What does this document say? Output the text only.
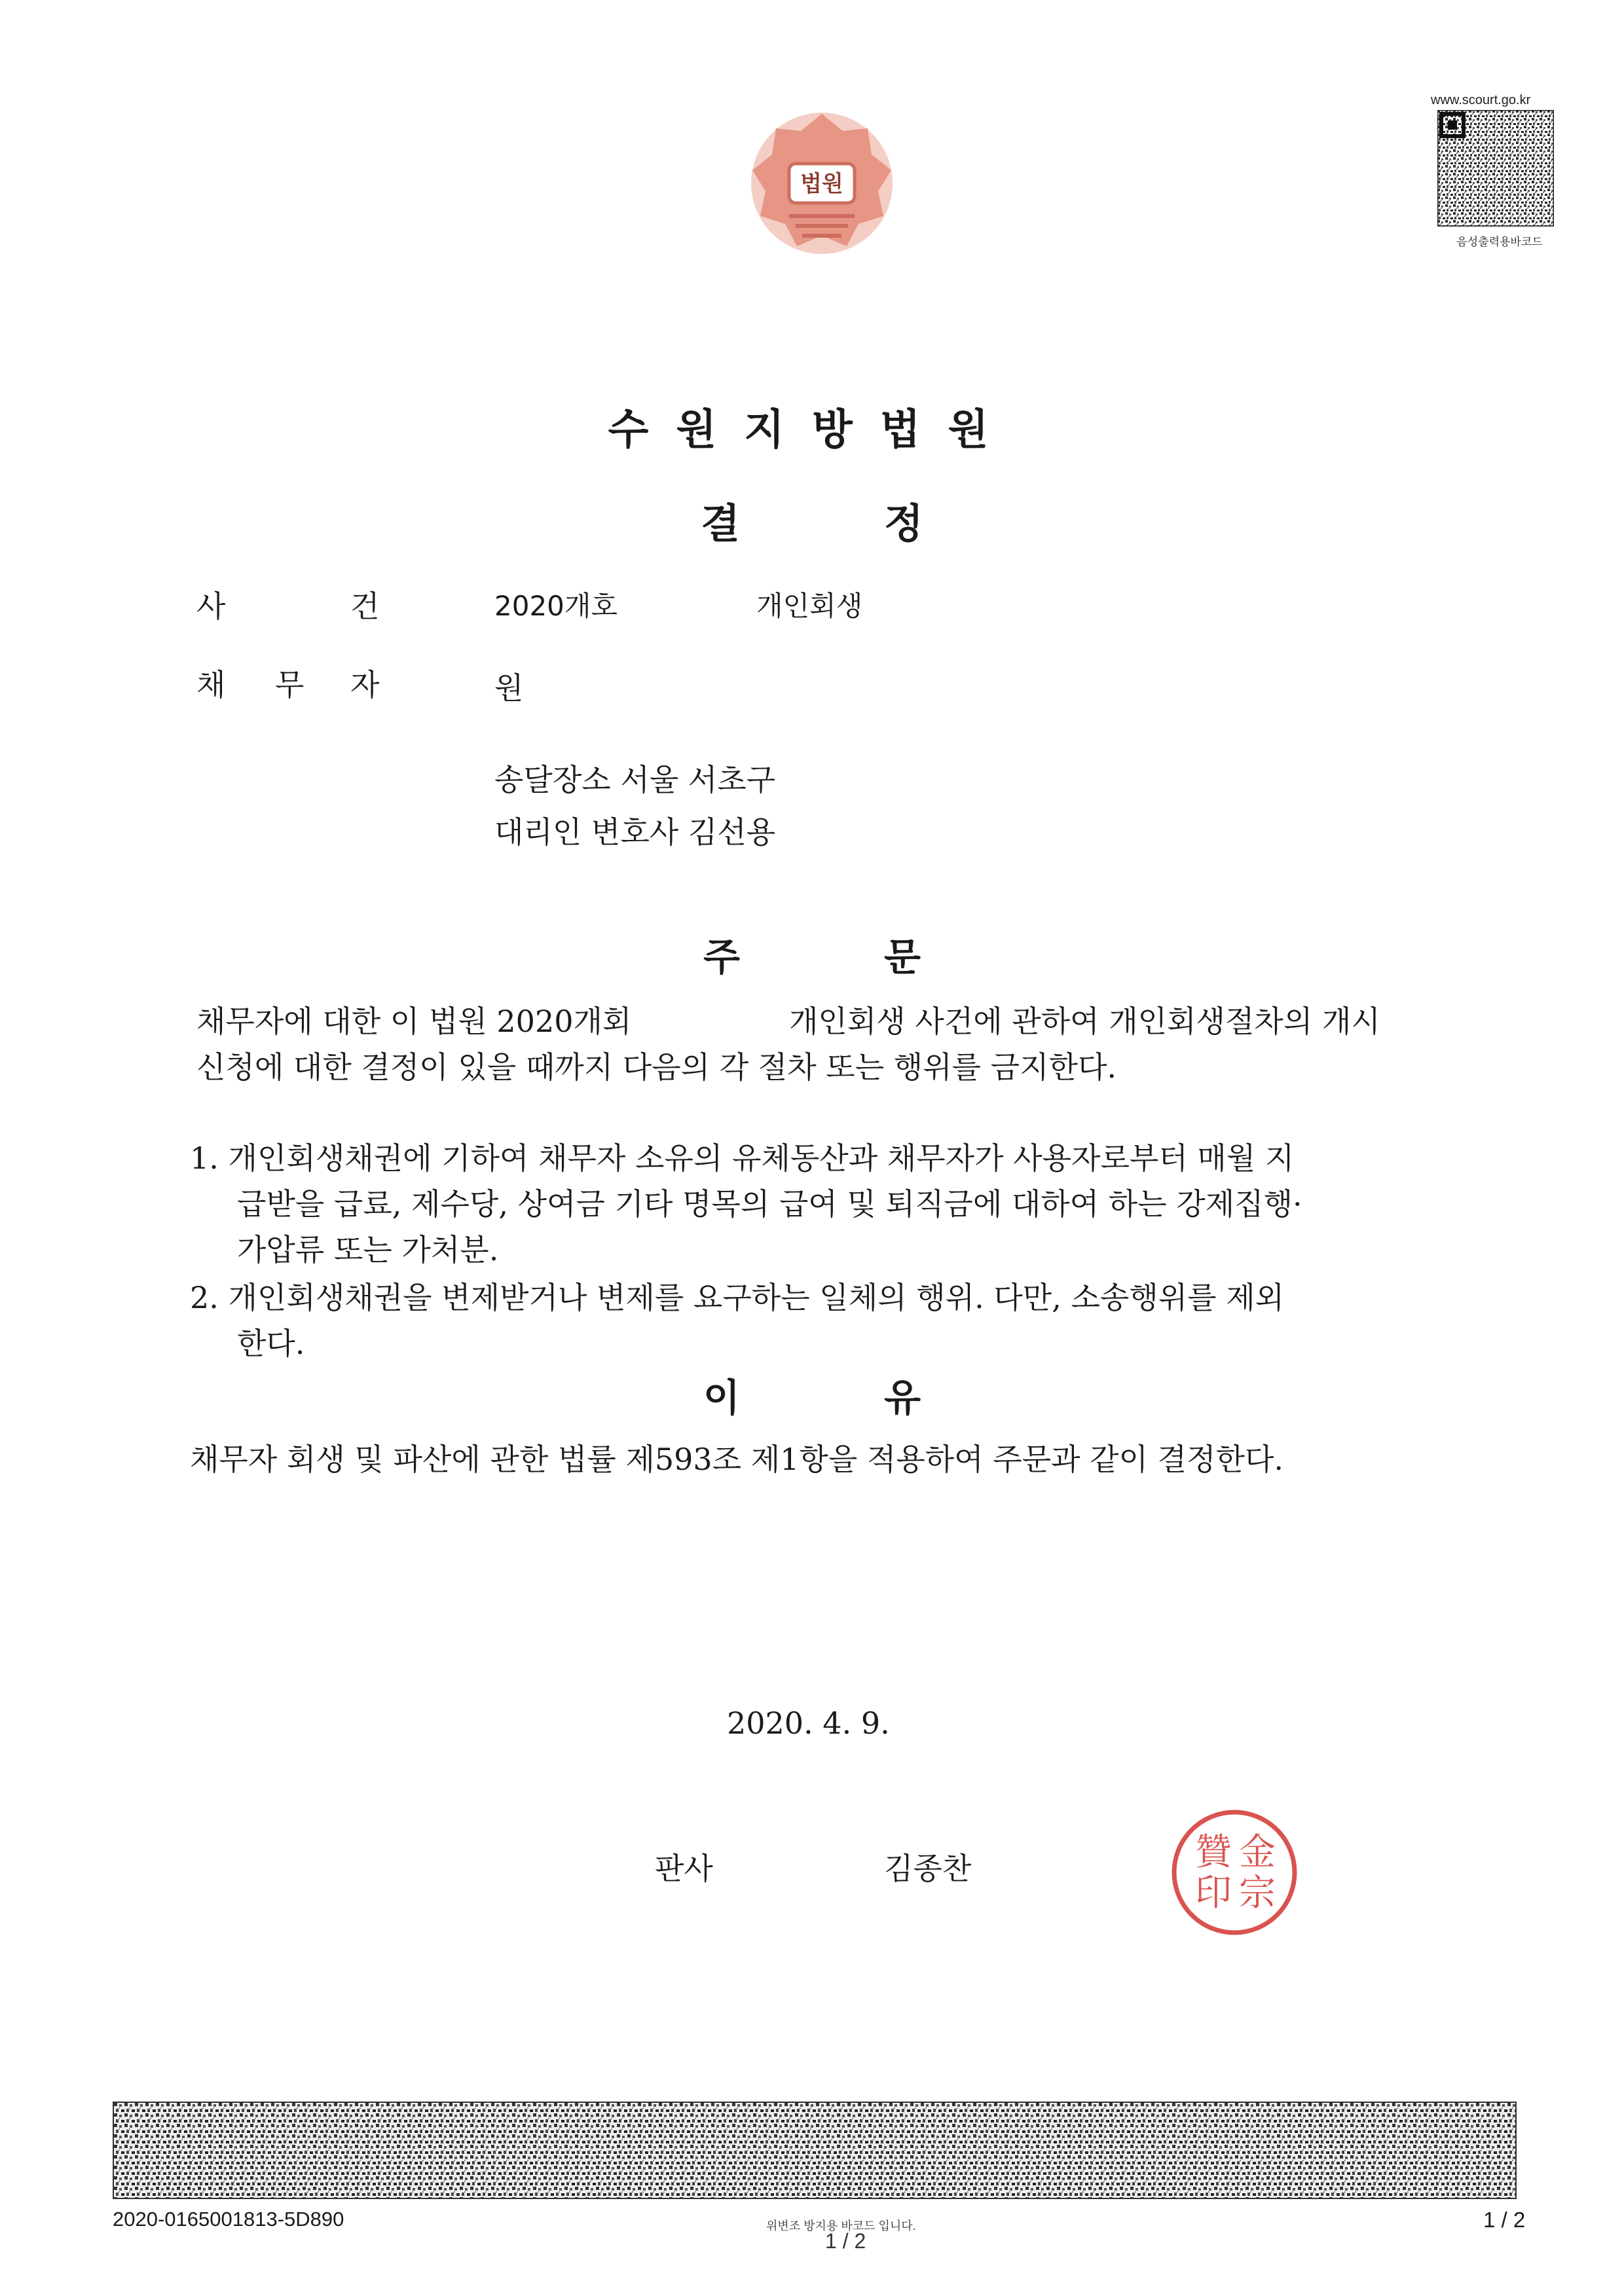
법원
www.scourt.go.kr
음성출력용바코드
수원지방법원
결	정
사	건	2020개호	개인회생
채 무 자	원
송달장소 서울 서초구
대리인 변호사 김선용
주	문
채무자에 대한 이 법원 2020개회	개인회생 사건에 관하여 개인회생절차의 개시
신청에 대한 결정이 있을 때까지 다음의 각 절차 또는 행위를 금지한다.
1. 개인회생채권에 기하여 채무자 소유의 유체동산과 채무자가 사용자로부터 매월 지
급받을 급료, 제수당, 상여금 기타 명목의 급여 및 퇴직금에 대하여 하는 강제집행·
가압류 또는 가처분.
2. 개인회생채권을 변제받거나 변제를 요구하는 일체의 행위. 다만, 소송행위를 제외
한다.
이	유
채무자 회생 및 파산에 관한 법률 제593조 제1항을 적용하여 주문과 같이 결정한다.
2020. 4. 9.
판사	김종찬	金
宗
贊
印
2020-0165001813-5D890	위변조 방지용 바코드 입니다.
1 / 2
1 / 2
